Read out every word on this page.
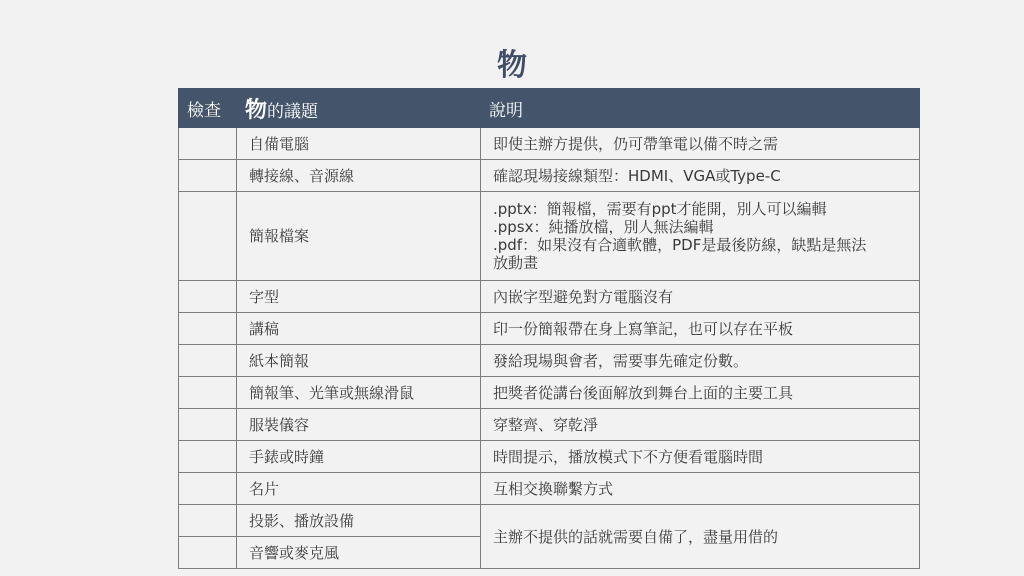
物
檢查	物的議題	說明
	自備電腦	即使主辦方提供，仍可帶筆電以備不時之需
	轉接線、音源線	確認現場接線類型：HDMI、VGA或Type-C
	簡報檔案	.pptx：簡報檔，需要有ppt才能開，別人可以編輯
.ppsx：純播放檔，別人無法編輯
.pdf：如果沒有合適軟體，PDF是最後防線，缺點是無法
放動畫

	字型	內嵌字型避免對方電腦沒有
	講稿	印一份簡報帶在身上寫筆記，也可以存在平板
	紙本簡報	發給現場與會者，需要事先確定份數。
	簡報筆、光筆或無線滑鼠	把獎者從講台後面解放到舞台上面的主要工具
	服裝儀容	穿整齊、穿乾淨
	手錶或時鐘	時間提示，播放模式下不方便看電腦時間
	名片	互相交換聯繫方式
	投影、播放設備	主辦不提供的話就需要自備了，盡量用借的
	音響或麥克風	
